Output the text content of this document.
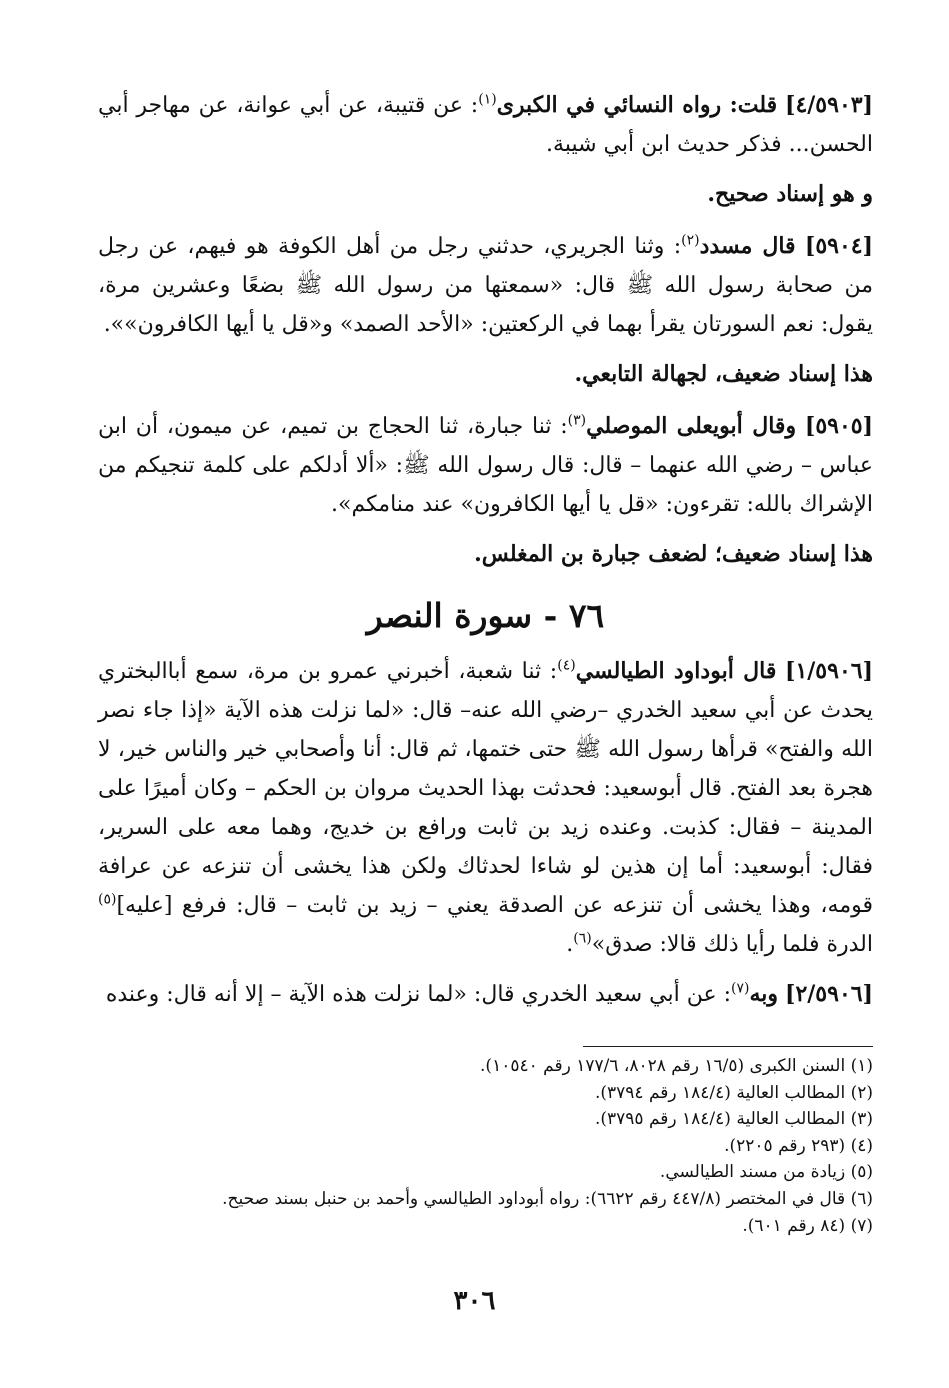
[٤/٥٩٠٣] قلت: رواه النسائي في الكبرى$^{(١)}$: عن قتيبة، عن أبي عوانة، عن مهاجر أبي الحسن... فذكر حديث ابن أبي شيبة.

و هو إسناد صحيح.

[٥٩٠٤] قال مسدد$^{(٢)}$: وثنا الجريري، حدثني رجل من أهل الكوفة هو فيهم، عن رجل من صحابة رسول الله ﷺ قال: «سمعتها من رسول الله ﷺ بضعًا وعشرين مرة، يقول: نعم السورتان يقرأ بهما في الركعتين: «الأحد الصمد» و«قل يا أيها الكافرون»».

هذا إسناد ضعيف، لجهالة التابعي.

[٥٩٠٥] وقال أبويعلى الموصلي$^{(٣)}$: ثنا جبارة، ثنا الحجاج بن تميم، عن ميمون، أن ابن عباس – رضي الله عنهما – قال: قال رسول الله ﷺ: «ألا أدلكم على كلمة تنجيكم من الإشراك بالله: تقرءون: «قل يا أيها الكافرون» عند منامكم».

هذا إسناد ضعيف؛ لضعف جبارة بن المغلس.

٧٦ - سورة النصر

[١/٥٩٠٦] قال أبوداود الطيالسي$^{(٤)}$: ثنا شعبة، أخبرني عمرو بن مرة، سمع أباالبختري يحدث عن أبي سعيد الخدري –رضي الله عنه– قال: «لما نزلت هذه الآية «إذا جاء نصر الله والفتح» قرأها رسول الله ﷺ حتى ختمها، ثم قال: أنا وأصحابي خير والناس خير، لا هجرة بعد الفتح. قال أبوسعيد: فحدثت بهذا الحديث مروان بن الحكم – وكان أميرًا على المدينة – فقال: كذبت. وعنده زيد بن ثابت ورافع بن خديج، وهما معه على السرير، فقال: أبوسعيد: أما إن هذين لو شاءا لحدثاك ولكن هذا يخشى أن تنزعه عن عرافة قومه، وهذا يخشى أن تنزعه عن الصدقة يعني – زيد بن ثابت – قال: فرفع [عليه]$^{(٥)}$ الدرة فلما رأيا ذلك قالا: صدق»$^{(٦)}$.

[٢/٥٩٠٦] وبه$^{(٧)}$: عن أبي سعيد الخدري قال: «لما نزلت هذه الآية – إلا أنه قال: وعنده

(١) السنن الكبرى (١٦/٥ رقم ٨٠٢٨، ١٧٧/٦ رقم ١٠٥٤٠).

(٢) المطالب العالية (١٨٤/٤ رقم ٣٧٩٤).

(٣) المطالب العالية (١٨٤/٤ رقم ٣٧٩٥).

(٤) (٢٩٣ رقم ٢٢٠٥).

(٥) زيادة من مسند الطيالسي.

(٦) قال في المختصر (٤٤٧/٨ رقم ٦٦٢٢): رواه أبوداود الطيالسي وأحمد بن حنبل بسند صحيح.

(٧) (٨٤ رقم ٦٠١).

٣٠٦
